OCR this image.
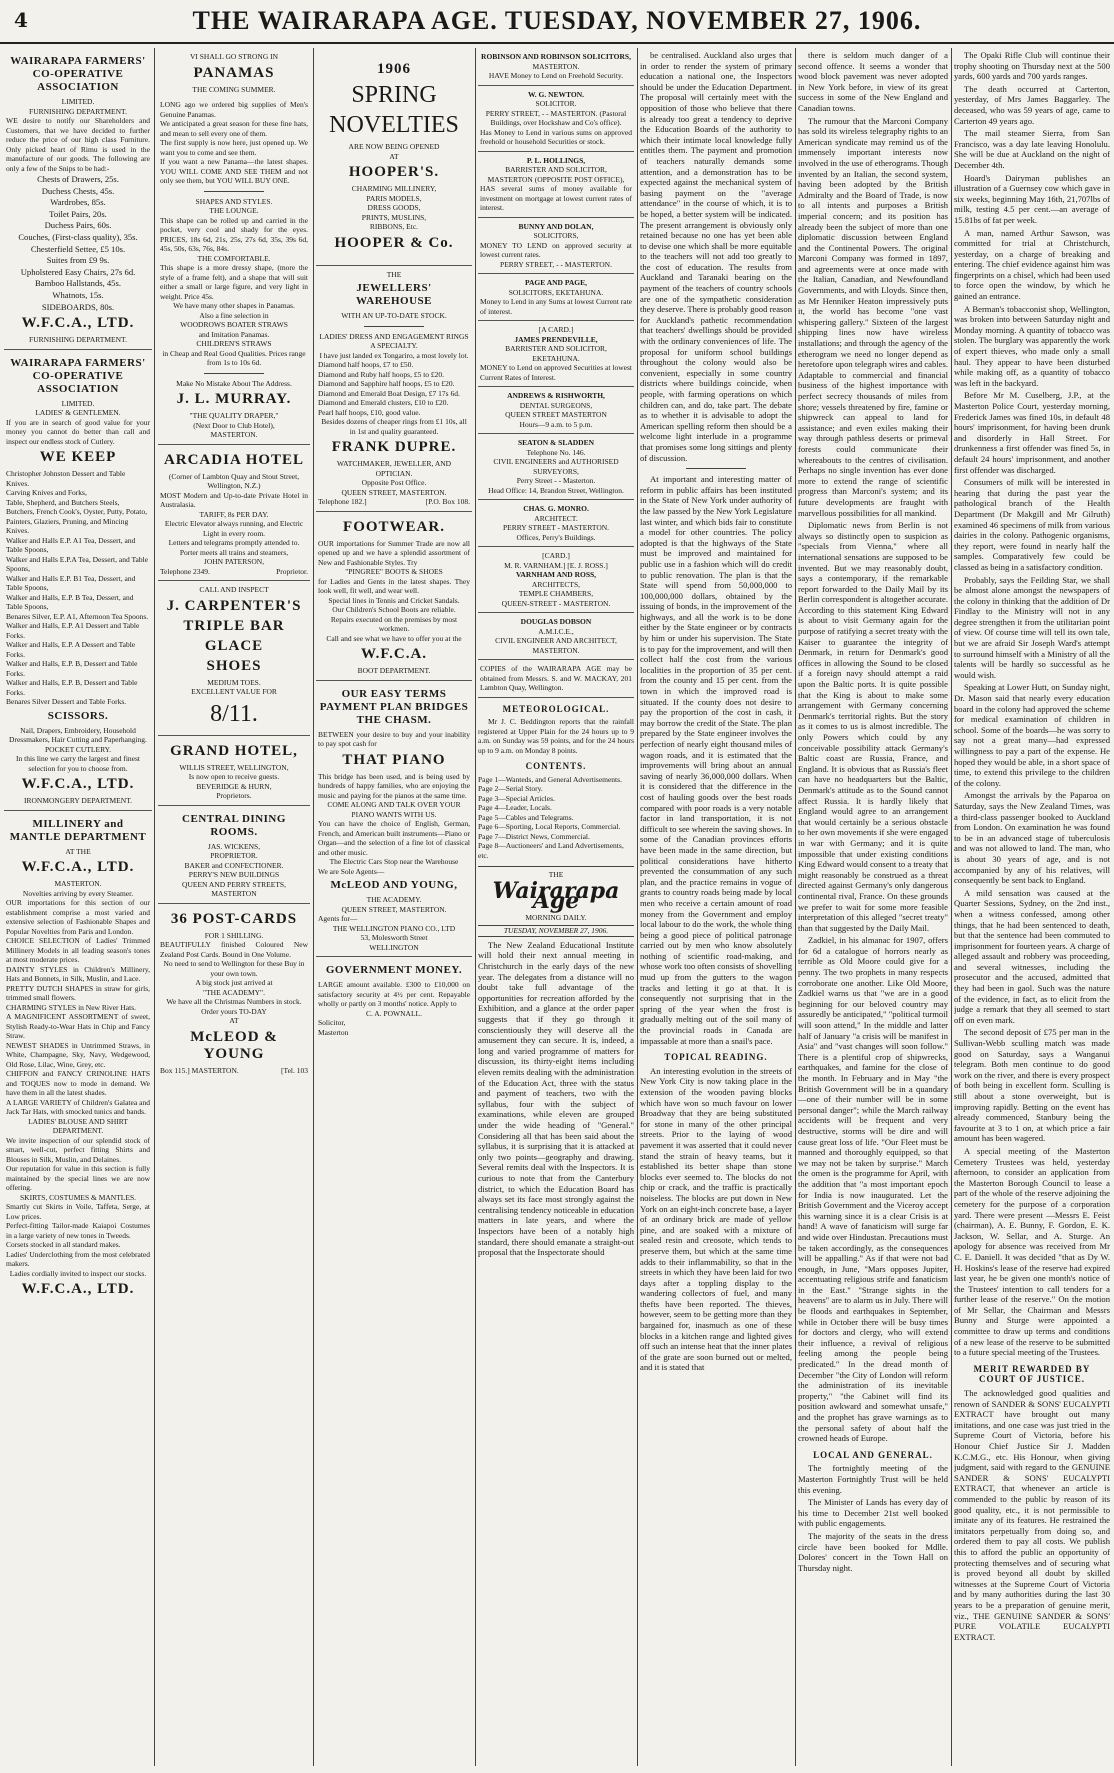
4	THE WAIRARAPA AGE. TUESDAY, NOVEMBER 27, 1906.
WAIRARAPA FARMERS' CO-OPERATIVE ASSOCIATION
LIMITED.
FURNISHING DEPARTMENT.
WE desire to notify our Shareholders and Customers, that we have decided to further reduce the price of our high class Furniture. Only picked heart of Rimu is used in the manufacture of our goods. The following are only a few of the Snips to be had:-
Chests of Drawers, 25s.
Duchess Chests, 45s.
Wardrobes, 85s.
Toilet Pairs, 20s.
Duchess Pairs, 60s.
Couches, (First-class quality), 35s.
Chesterfield Settee, £5 10s.
Suites from £9 9s.
Upholstered Easy Chairs, 27s 6d.
Bamboo Hallstands, 45s.
Whatnots, 15s.
SIDEBOARDS, 80s.
W.F.C.A., LTD.
FURNISHING DEPARTMENT.
WAIRARAPA FARMERS' CO-OPERATIVE ASSOCIATION
LIMITED.
LADIES' & GENTLEMEN.
If you are in search of good value for your money you cannot do better than call and inspect our endless stock of Cutlery.
WE KEEP
Christopher Johnston Dessert and Table Knives.
Carving Knives and Forks,
Table, Shepherd, and Butchers Steels,
Butchers, French Cook's, Oyster, Putty, Potato, Painters, Glaziers, Pruning, and Mincing Knives.
Walker and Halls E.P. A1 Tea, Dessert, and Table Spoons,
Walker and Halls E.P.A Tea, Dessert, and Table Spoons,
Walker and Halls E.P. B1 Tea, Dessert, and Table Spoons,
Walker and Halls, E.P. B Tea, Dessert, and Table Spoons,
Benares Silver, E.P. A1, Afternoon Tea Spoons.
Walker and Halls, E.P. A1 Dessert and Table Forks.
Walker and Halls, E.P. A Dessert and Table Forks.
Walker and Halls, E.P. B, Dessert and Table Forks.
Walker and Halls, E.P. B, Dessert and Table Forks.
Benares Silver Dessert and Table Forks.
SCISSORS.
Nail, Drapers, Embroidery, Household Dressmakers, Hair Cutting and Paperhanging.
POCKET CUTLERY.
In this line we carry the largest and finest selection for you to choose from.
W.F.C.A., LTD.
IRONMONGERY DEPARTMENT.
MILLINERY and MANTLE DEPARTMENT
AT THE
W.F.C.A., LTD.
MASTERTON.
Novelties arriving by every Steamer.
OUR importations for this section of our establishment comprise a most varied and extensive selection of Fashionable Shapes and Popular Novelties from Paris and London.
CHOICE SELECTION of Ladies' Trimmed Millinery Models in all leading season's tones at most moderate prices.
DAINTY STYLES in Children's Millinery, Hats and Bonnets, in Silk, Muslin, and Lace.
PRETTY DUTCH SHAPES in straw for girls, trimmed small flowers.
CHARMING STYLES in New River Hats.
A MAGNIFICENT ASSORTMENT of sweet, Stylish Ready-to-Wear Hats in Chip and Fancy Straw.
NEWEST SHADES in Untrimmed Straws, in White, Champagne, Sky, Navy, Wedgewood, Old Rose, Lilac, Wine, Grey, etc.
CHIFFON and FANCY CRINOLINE HATS and TOQUES now to mode in demand. We have them in all the latest shades.
A LARGE VARIETY of Children's Galatea and Jack Tar Hats, with smocked tunics and bands.
LADIES' BLOUSE AND SHIRT DEPARTMENT.
We invite inspection of our splendid stock of smart, well-cut, perfect fitting Shirts and Blouses in Silk, Muslin, and Delaines.
Our reputation for value in this section is fully maintained by the special lines we are now offering.
SKIRTS, COSTUMES & MANTLES.
Smartly cut Skirts in Voile, Taffeta, Serge, at Low prices.
Perfect-fitting Tailor-made Kaiapoi Costumes in a large variety of new tones in Tweeds.
Corsets stocked in all standard makes.
Ladies' Underclothing from the most celebrated makers.
Ladies cordially invited to inspect our stocks.
W.F.C.A., LTD.
VI SHALL GO STRONG IN
PANAMAS
THE COMING SUMMER.
LONG ago we ordered big supplies of Men's Genuine Panamas.
We anticipated a great season for these fine hats, and mean to sell every one of them.
The first supply is now here, just opened up. We want you to come and see them.
If you want a new Panama—the latest shapes. YOU WILL COME AND SEE THEM and not only see them, but YOU WILL BUY ONE.
SHAPES AND STYLES.
THE LOUNGE.
This shape can be rolled up and carried in the pocket, very cool and shady for the eyes. PRICES, 18s 6d, 21s, 25s, 27s 6d, 35s, 39s 6d, 45s, 50s, 63s, 76s, 84s.
THE COMFORTABLE.
This shape is a more dressy shape, (more the style of a frame felt), and a shape that will suit either a small or large figure, and very light in weight. Price 45s.
We have many other shapes in Panamas.
Also a fine selection in
WOODROWS BOATER STRAWS
and Imitation Panamas.
CHILDREN'S STRAWS
in Cheap and Real Good Qualities. Prices range from 1s to 10s 6d.
Make No Mistake About The Address.
J. L. MURRAY.
"THE QUALITY DRAPER,"
(Next Door to Club Hotel),
MASTERTON.
ARCADIA HOTEL
(Corner of Lambton Quay and Stout Street, Wellington, N.Z.)
MOST Modern and Up-to-date Private Hotel in Australasia.
TARIFF, 8s PER DAY.
Electric Elevator always running, and Electric Light in every room.
Letters and telegrams promptly attended to.
Porter meets all trains and steamers,
JOHN PATERSON,
Telephone 2349.	Proprietor.
CALL AND INSPECT
J. CARPENTER'S
TRIPLE BAR
GLACE
SHOES
MEDIUM TOES.
EXCELLENT VALUE FOR
8/11.
GRAND HOTEL,
WILLIS STREET, WELLINGTON,
Is now open to receive guests.
BEVERIDGE & HURN,
Proprietors.
CENTRAL DINING ROOMS.
JAS. WICKENS,
PROPRIETOR.
BAKER and CONFECTIONER.
PERRY'S NEW BUILDINGS
QUEEN AND PERRY STREETS,
MASTERTON
36 POST-CARDS
FOR 1 SHILLING.
BEAUTIFULLY finished Coloured New Zealand Post Cards. Bound in One Volume.
No need to send to Wellington for these Buy in your own town.
A big stock just arrived at
"THE ACADEMY".
We have all the Christmas Numbers in stock. Order yours TO-DAY
AT
McLEOD & YOUNG
Box 115.] MASTERTON.	[Tel. 103
1906
SPRING
NOVELTIES
ARE NOW BEING OPENED
AT
HOOPER'S.
CHARMING MILLINERY,
PARIS MODELS,
DRESS GOODS,
PRINTS, MUSLINS,
RIBBONS, Etc.
HOOPER & Co.
THE
JEWELLERS' WAREHOUSE
WITH AN UP-TO-DATE STOCK.
LADIES' DRESS AND ENGAGEMENT RINGS A SPECIALTY.
I have just landed ex Tongariro, a most lovely lot.
Diamond half hoops, £7 to £50.
Diamond and Ruby half hoops, £5 to £20.
Diamond and Sapphire half hoops, £5 to £20.
Diamond and Emerald Boat Design, £7 17s 6d.
Diamond and Emerald clusters, £10 to £20.
Pearl half hoops, £10, good value.
Besides dozens of cheaper rings from £1 10s, all in 1st and quality guaranteed.
FRANK DUPRE.
WATCHMAKER, JEWELLER, AND OPTICIAN.
Opposite Post Office.
QUEEN STREET, MASTERTON.
Telephone 182.]	[P.O. Box 108.
FOOTWEAR.
OUR importations for Summer Trade are now all opened up and we have a splendid assortment of New and Fashionable Styles. Try
"PINGREE" BOOTS & SHOES
for Ladies and Gents in the latest shapes. They look well, fit well, and wear well.
Special lines in Tennis and Cricket Sandals.
Our Children's School Boots are reliable.
Repairs executed on the premises by most workmen.
Call and see what we have to offer you at the
W.F.C.A.
BOOT DEPARTMENT.
OUR EASY TERMS PAYMENT PLAN BRIDGES THE CHASM.
BETWEEN your desire to buy and your inability to pay spot cash for
THAT PIANO
This bridge has been used, and is being used by hundreds of happy families, who are enjoying the music and paying for the pianos at the same time.
COME ALONG AND TALK OVER YOUR PIANO WANTS WITH US.
You can have the choice of English, German, French, and American built instruments—Piano or Organ—and the selection of a fine lot of classical and other music.
The Electric Cars Stop near the Warehouse
We are Sole Agents—
McLEOD AND YOUNG,
THE ACADEMY.
QUEEN STREET, MASTERTON.
Agents for—
THE WELLINGTON PIANO CO., LTD
53, Molesworth Street
WELLINGTON
GOVERNMENT MONEY.
LARGE amount available. £300 to £10,000 on satisfactory security at 4½ per cent. Repayable wholly or partly on 3 months' notice. Apply to
C. A. POWNALL.
Solicitor,
Masterton
ROBINSON AND ROBINSON SOLICITORS,
MASTERTON.
HAVE Money to Lend on Freehold Security.
W. G. NEWTON.
SOLICITOR.
PERRY STREET, - - MASTERTON. (Pastoral Buildings, over Hockshaw and Co's office).
Has Money to Lend in various sums on approved freehold or household Securities or stock.
P. L. HOLLINGS,
BARRISTER AND SOLICITOR,
MASTERTON (OPPOSITE POST OFFICE),
HAS several sums of money available for investment on mortgage at lowest current rates of interest.
BUNNY AND DOLAN,
SOLICITORS,
MONEY TO LEND on approved security at lowest current rates.
PERRY STREET, - - MASTERTON.
PAGE AND PAGE,
SOLICITORS, EKETAHUNA.
Money to Lend in any Sums at lowest Current rate of interest.
[A CARD.]
JAMES PRENDEVILLE,
BARRISTER AND SOLICITOR,
EKETAHUNA.
MONEY to Lend on approved Securities at lowest Current Rates of Interest.
ANDREWS & RISHWORTH,
DENTAL SURGEONS,
QUEEN STREET MASTERTON
Hours—9 a.m. to 5 p.m.
SEATON & SLADDEN
Telephone No. 146.
CIVIL ENGINEERS and AUTHORISED SURVEYORS,
Perry Street - - Masterton.
Head Office: 14, Brandon Street, Wellington.
CHAS. G. MONRO.
ARCHITECT.
PERRY STREET - MASTERTON.
Offices, Perry's Buildings.
[CARD.]
M. R. VARNHAM.] [E. J. ROSS.]
VARNHAM AND ROSS,
ARCHITECTS,
TEMPLE CHAMBERS,
QUEEN-STREET - MASTERTON.
DOUGLAS DOBSON
A.M.I.C.E.,
CIVIL ENGINEER AND ARCHITECT,
MASTERTON.
COPIES of the WAIRARAPA AGE may be obtained from Messrs. S. and W. MACKAY, 201 Lambton Quay, Wellington.
METEOROLOGICAL.
Mr J. C. Beddington reports that the rainfall registered at Upper Plain for the 24 hours up to 9 a.m. on Sunday was 59 points, and for the 24 hours up to 9 a.m. on Monday 8 points.
CONTENTS.
Page 1—Wanteds, and General Advertisements.
Page 2—Serial Story.
Page 3—Special Articles.
Page 4—Leader, Locals.
Page 5—Cables and Telegrams.
Page 6—Sporting, Local Reports, Commercial.
Page 7—District News, Commercial.
Page 8—Auctioneers' and Land Advertisements, etc.
THE
Wairarapa Age
MORNING DAILY.
TUESDAY, NOVEMBER 27, 1906.
The New Zealand Educational Institute will hold their next annual meeting in Christchurch in the early days of the new year. The delegates from a distance will no doubt take full advantage of the opportunities for recreation afforded by the Exhibition, and a glance at the order paper suggests that if they go through it conscientiously they will deserve all the amusement they can secure. It is, indeed, a long and varied programme of matters for discussion, its thirty-eight items including eleven remits dealing with the administration of the Education Act, three with the status and payment of teachers, two with the syllabus, four with the subject of examinations, while eleven are grouped under the wide heading of "General." Considering all that has been said about the syllabus, it is surprising that it is attacked at only two points—geography and drawing. Several remits deal with the Inspectors. It is curious to note that from the Canterbury district, to which the Education Board has always set its face most strongly against the centralising tendency noticeable in education matters in late years, and where the Inspectors have been of a notably high standard, there should emanate a straight-out proposal that the Inspectorate should
be centralised. Auckland also urges that in order to render the system of primary education a national one, the Inspectors should be under the Education Department. The proposal will certainly meet with the opposition of those who believe that there is already too great a tendency to deprive the Education Boards of the authority to which their intimate local knowledge fully entitles them. The payment and promotion of teachers naturally demands some attention, and a demonstration has to be expected against the mechanical system of basing payment on the "average attendance" in the course of which, it is to be hoped, a better system will be indicated. The present arrangement is obviously only retained because no one has yet been able to devise one which shall be more equitable to the teachers will not add too greatly to the cost of education. The results from Auckland and Taranaki bearing on the payment of the teachers of country schools are one of the sympathetic consideration they deserve. There is probably good reason for Auckland's pathetic recommendation that teachers' dwellings should be provided with the ordinary conveniences of life. The proposal for uniform school buildings throughout the colony would also be convenient, especially in some country districts where buildings coincide, when people, with farming operations on which children can, and do, take part. The debate as to whether it is advisable to adopt the American spelling reform then should be a welcome light interlude in a programme that promises some long sittings and plenty of discussion.
At important and interesting matter of reform in public affairs has been instituted in the State of New York under authority of the law passed by the New York Legislature last winter, and which bids fair to constitute a model for other countries. The policy adopted is that the highways of the State must be improved and maintained for public use in a fashion which will do credit to public renovation. The plan is that the State will spend from 50,000,000 to 100,000,000 dollars, obtained by the issuing of bonds, in the improvement of the highways, and all the work is to be done either by the State engineer or by contracts by him or under his supervision. The State is to pay for the improvement, and will then collect half the cost from the various localities in the proportion of 35 per cent. from the county and 15 per cent. from the town in which the improved road is situated. If the county does not desire to pay the proportion of the cost in cash, it may borrow the credit of the State. The plan prepared by the State engineer involves the perfection of nearly eight thousand miles of wagon roads, and it is estimated that the improvements will bring about an annual saving of nearly 36,000,000 dollars. When it is considered that the difference in the cost of hauling goods over the best roads compared with poor roads is a very notable factor in land transportation, it is not difficult to see wherein the saving shows. In some of the Canadian provinces efforts have been made in the same direction, but political considerations have hitherto prevented the consummation of any such plan, and the practice remains in vogue of grants to country roads being made by local men who receive a certain amount of road money from the Government and employ local labour to do the work, the whole thing being a good piece of political patronage carried out by men who know absolutely nothing of scientific road-making, and whose work too often consists of shovelling mud up from the gutters to the wagon tracks and letting it go at that. It is consequently not surprising that in the spring of the year when the frost is gradually melting out of the soil many of the provincial roads in Canada are impassable at more than a snail's pace.
TOPICAL READING.
An interesting evolution in the streets of New York City is now taking place in the extension of the wooden paving blocks which have won so much favour on lower Broadway that they are being substituted for stone in many of the other principal streets. Prior to the laying of wood pavement it was asserted that it could never stand the strain of heavy teams, but it established its better shape than stone blocks ever seemed to. The blocks do not chip or crack, and the traffic is practically noiseless. The blocks are put down in New York on an eight-inch concrete base, a layer of an ordinary brick are made of yellow pine, and are soaked with a mixture of sealed resin and creosote, which tends to preserve them, but which at the same time adds to their inflammability, so that in the streets in which they have been laid for two days after a toppling display to the wandering collectors of fuel, and many thefts have been reported. The thieves, however, seem to be getting more than they bargained for, inasmuch as one of these blocks in a kitchen range and lighted gives off such an intense heat that the inner plates of the grate are soon burned out or melted, and it is stated that
there is seldom much danger of a second offence. It seems a wonder that wood block pavement was never adopted in New York before, in view of its great success in some of the New England and Canadian towns.
The rumour that the Marconi Company has sold its wireless telegraphy rights to an American syndicate may remind us of the immensely important interests now involved in the use of etherograms. Though invented by an Italian, the second system, having been adopted by the British Admiralty and the Board of Trade, is now to all intents and purposes a British imperial concern; and its position has already been the subject of more than one diplomatic discussion between England and the Continental Powers. The original Marconi Company was formed in 1897, and agreements were at once made with the Italian, Canadian, and Newfoundland Governments, and with Lloyds. Since then, as Mr Henniker Heaton impressively puts it, the world has become "one vast whispering gallery." Sixteen of the largest shipping lines now have wireless installations; and through the agency of the etherogram we need no longer depend as heretofore upon telegraph wires and cables. Adaptable to commercial and financial business of the highest importance with perfect secrecy thousands of miles from shore; vessels threatened by fire, famine or shipwreck can appeal to land for assistance; and even exiles making their way through pathless deserts or primeval forests could communicate their whereabouts to the centres of civilisation. Perhaps no single invention has ever done more to extend the range of scientific progress than Marconi's system; and its future developments are fraught with marvellous possibilities for all mankind.
Diplomatic news from Berlin is not always so distinctly open to suspicion as "specials from Vienna," where all international sensations are supposed to be invented. But we may reasonably doubt, says a contemporary, if the remarkable report forwarded to the Daily Mail by its Berlin correspondent is altogether accurate. According to this statement King Edward is about to visit Germany again for the purpose of ratifying a secret treaty with the Kaiser to guarantee the integrity of Denmark, in return for Denmark's good offices in allowing the Sound to be closed if a foreign navy should attempt a raid upon the Baltic ports. It is quite possible that the King is about to make some arrangement with Germany concerning Denmark's territorial rights. But the story as it comes to us is almost incredible. The only Powers which could by any conceivable possibility attack Germany's Baltic coast are Russia, France, and England. It is obvious that as Russia's fleet can have no headquarters but the Baltic, Denmark's attitude as to the Sound cannot affect Russia. It is hardly likely that England would agree to an arrangement that would certainly be a serious obstacle to her own movements if she were engaged in war with Germany; and it is quite impossible that under existing conditions King Edward would consent to a treaty that might reasonably be construed as a threat directed against Germany's only dangerous continental rival, France. On these grounds we prefer to wait for some more feasible interpretation of this alleged "secret treaty" than that suggested by the Daily Mail.
Zadkiel, in his almanac for 1907, offers for 6d a catalogue of horrors nearly as terrible as Old Moore could give for a penny. The two prophets in many respects corroborate one another. Like Old Moore, Zadkiel warns us that "we are in a good beginning for our beloved country may assuredly be anticipated," "political turmoil will soon attend," In the middle and latter half of January "a crisis will be manifest in Asia" and "vast changes will soon follow." There is a plentiful crop of shipwrecks, earthquakes, and famine for the close of the month. In February and in May "the British Government will be in a quandary—one of their number will be in some personal danger"; while the March railway accidents will be frequent and very destructive, storms will be dire and will cause great loss of life. "Our Fleet must be manned and thoroughly equipped, so that we may not be taken by surprise." March the omen is the programme for April, with the addition that "a most important epoch for India is now inaugurated. Let the British Government and the Viceroy accept this warning since it is a clear Crisis is at hand! A wave of fanaticism will surge far and wide over Hindustan. Precautions must be taken accordingly, as the consequences will be appalling." As if that were not bad enough, in June, "Mars opposes Jupiter, accentuating religious strife and fanaticism in the East." "Strange sights in the heavens" are to alarm us in July. There will be floods and earthquakes in September, while in October there will be busy times for doctors and clergy, who will extend their influence, a revival of religious feeling among the people being predicated." In the dread month of December "the City of London will reform the administration of its inevitable property," "the Cabinet will find its position awkward and somewhat unsafe," and the prophet has grave warnings as to the personal safety of about half the crowned heads of Europe.
LOCAL AND GENERAL.
The fortnightly meeting of the Masterton Fortnightly Trust will be held this evening.
The Minister of Lands has every day of his time to December 21st well booked with public engagements.
The majority of the seats in the dress circle have been booked for Mdlle. Dolores' concert in the Town Hall on Thursday night.
The Opaki Rifle Club will continue their trophy shooting on Thursday next at the 500 yards, 600 yards and 700 yards ranges.
The death occurred at Carterton, yesterday, of Mrs James Baggarley. The deceased, who was 59 years of age, came to Carterton 49 years ago.
The mail steamer Sierra, from San Francisco, was a day late leaving Honolulu. She will be due at Auckland on the night of December 4th.
Hoard's Dairyman publishes an illustration of a Guernsey cow which gave in six weeks, beginning May 16th, 21,707lbs of milk, testing 4.5 per cent.—an average of 15.81bs of fat per week.
A man, named Arthur Sawson, was committed for trial at Christchurch, yesterday, on a charge of breaking and entering. The chief evidence against him was fingerprints on a chisel, which had been used to force open the window, by which he gained an entrance.
A Berman's tobacconist shop, Wellington, was broken into between Saturday night and Monday morning. A quantity of tobacco was stolen. The burglary was apparently the work of expert thieves, who made only a small haul. They appear to have been disturbed while making off, as a quantity of tobacco was left in the backyard.
Before Mr M. Cuselberg, J.P., at the Masterton Police Court, yesterday morning, Frederick James was fined 10s, in default 48 hours' imprisonment, for having been drunk and disorderly in Hall Street. For drunkenness a first offender was fined 5s, in default 24 hours' imprisonment, and another first offender was discharged.
Consumers of milk will be interested in hearing that during the past year the pathological branch of the Health Department (Dr Makgill and Mr Gilruth) examined 46 specimens of milk from various dairies in the colony. Pathogenic organisms, they report, were found in nearly half the samples. Comparatively few could be classed as being in a satisfactory condition.
Probably, says the Feilding Star, we shall be almost alone amongst the newspapers of the colony in thinking that the addition of Dr Findlay to the Ministry will not in any degree strengthen it from the utilitarian point of view. Of course time will tell its own tale, but we are afraid Sir Joseph Ward's attempt to surround himself with a Ministry of all the talents will be hardly so successful as he would wish.
Speaking at Lower Hutt, on Sunday night, Dr. Mason said that nearly every education board in the colony had approved the scheme for medical examination of children in school. Some of the boards—he was sorry to say not a great many—had expressed willingness to pay a part of the expense. He hoped they would be able, in a short space of time, to extend this privilege to the children of the colony.
Amongst the arrivals by the Paparoa on Saturday, says the New Zealand Times, was a third-class passenger booked to Auckland from London. On examination he was found to be in an advanced stage of tuberculosis and was not allowed to land. The man, who is about 30 years of age, and is not accompanied by any of his relatives, will consequently be sent back to England.
A mild sensation was caused at the Quarter Sessions, Sydney, on the 2nd inst., when a witness confessed, among other things, that he had been sentenced to death, but that the sentence had been commuted to imprisonment for fourteen years. A charge of alleged assault and robbery was proceeding, and several witnesses, including the prosecutor and the accused, admitted that they had been in gaol. Such was the nature of the evidence, in fact, as to elicit from the judge a remark that they all seemed to start off on even mark.
The second deposit of £75 per man in the Sullivan-Webb sculling match was made good on Saturday, says a Wanganui telegram. Both men continue to do good work on the river, and there is every prospect of both being in excellent form. Sculling is still about a stone overweight, but is improving rapidly. Betting on the event has already commenced, Stanbury being the favourite at 3 to 1 on, at which price a fair amount has been wagered.
A special meeting of the Masterton Cemetery Trustees was held, yesterday afternoon, to consider an application from the Masterton Borough Council to lease a part of the whole of the reserve adjoining the cemetery for the purpose of a corporation yard. There were present —Messrs E. Feist (chairman), A. E. Bunny, F. Gordon, E. K. Jackson, W. Sellar, and A. Sturge. An apology for absence was received from Mr C. E. Daniell. It was decided "that as Dy W. H. Hoskins's lease of the reserve had expired last year, he be given one month's notice of the Trustees' intention to call tenders for a further lease of the reserve." On the motion of Mr Sellar, the Chairman and Messrs Bunny and Sturge were appointed a committee to draw up terms and conditions of a new lease of the reserve to be submitted to a future special meeting of the Trustees.
MERIT REWARDED BY COURT OF JUSTICE.
The acknowledged good qualities and renown of SANDER & SONS' EUCALYPTI EXTRACT have brought out many imitations, and one case was just tried in the Supreme Court of Victoria, before his Honour Chief Justice Sir J. Madden K.C.M.G., etc. His Honour, when giving judgment, said with regard to the GENUINE SANDER & SONS' EUCALYPTI EXTRACT, that whenever an article is commended to the public by reason of its good quality, etc., it is not permissible to imitate any of its features. He restrained the imitators perpetually from doing so, and ordered them to pay all costs. We publish this to afford the public an opportunity of protecting themselves and of securing what is proved beyond all doubt by skilled witnesses at the Supreme Court of Victoria and by many authorities during the last 30 years to be a preparation of genuine merit, viz., THE GENUINE SANDER & SONS' PURE VOLATILE EUCALYPTI EXTRACT.
